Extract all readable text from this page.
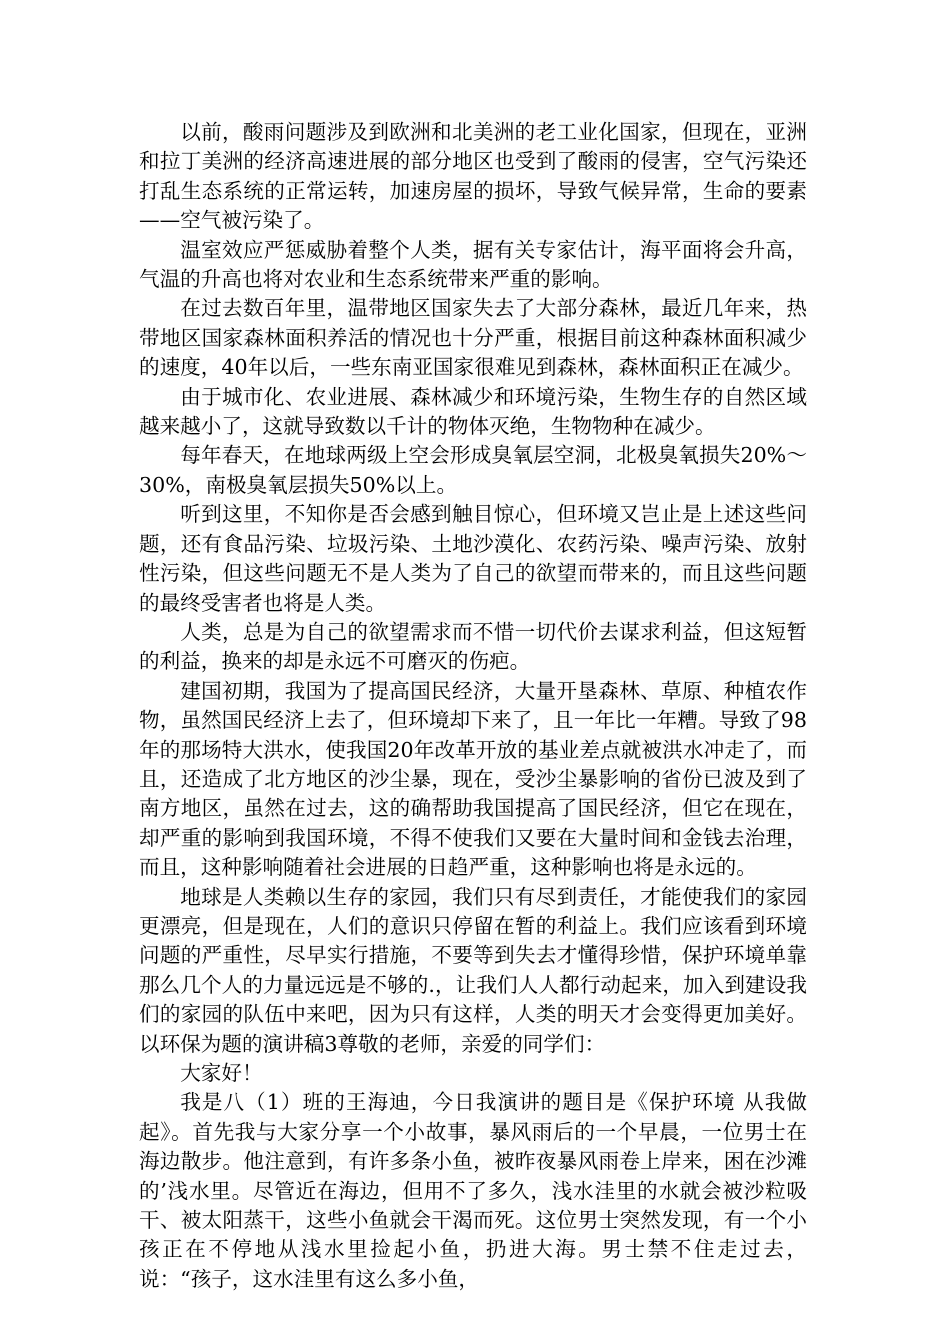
以前，酸雨问题涉及到欧洲和北美洲的老工业化国家，但现在，亚洲和拉丁美洲的经济高速进展的部分地区也受到了酸雨的侵害，空气污染还打乱生态系统的正常运转，加速房屋的损坏，导致气候异常，生命的要素——空气被污染了。

温室效应严惩威胁着整个人类，据有关专家估计，海平面将会升高，气温的升高也将对农业和生态系统带来严重的影响。

在过去数百年里，温带地区国家失去了大部分森林，最近几年来，热带地区国家森林面积养活的情况也十分严重，根据目前这种森林面积减少的速度，40年以后，一些东南亚国家很难见到森林，森林面积正在减少。

由于城市化、农业进展、森林减少和环境污染，生物生存的自然区域越来越小了，这就导致数以千计的物体灭绝，生物物种在减少。

每年春天，在地球两级上空会形成臭氧层空洞，北极臭氧损失20%～30%，南极臭氧层损失50%以上。

听到这里，不知你是否会感到触目惊心，但环境又岂止是上述这些问题，还有食品污染、垃圾污染、土地沙漠化、农药污染、噪声污染、放射性污染，但这些问题无不是人类为了自己的欲望而带来的，而且这些问题的最终受害者也将是人类。

人类，总是为自己的欲望需求而不惜一切代价去谋求利益，但这短暂的利益，换来的却是永远不可磨灭的伤疤。

建国初期，我国为了提高国民经济，大量开垦森林、草原、种植农作物，虽然国民经济上去了，但环境却下来了，且一年比一年糟。导致了98年的那场特大洪水，使我国20年改革开放的基业差点就被洪水冲走了，而且，还造成了北方地区的沙尘暴，现在，受沙尘暴影响的省份已波及到了南方地区，虽然在过去，这的确帮助我国提高了国民经济，但它在现在，却严重的影响到我国环境，不得不使我们又要在大量时间和金钱去治理，而且，这种影响随着社会进展的日趋严重，这种影响也将是永远的。

地球是人类赖以生存的家园，我们只有尽到责任，才能使我们的家园更漂亮，但是现在，人们的意识只停留在暂的利益上。我们应该看到环境问题的严重性，尽早实行措施，不要等到失去才懂得珍惜，保护环境单靠那么几个人的力量远远是不够的.，让我们人人都行动起来，加入到建设我们的家园的队伍中来吧，因为只有这样，人类的明天才会变得更加美好。以环保为题的演讲稿3尊敬的老师，亲爱的同学们：

大家好！

我是八（1）班的王海迪，今日我演讲的题目是《保护环境 从我做起》。首先我与大家分享一个小故事，暴风雨后的一个早晨，一位男士在海边散步。他注意到，有许多条小鱼，被昨夜暴风雨卷上岸来，困在沙滩的’浅水里。尽管近在海边，但用不了多久，浅水洼里的水就会被沙粒吸干、被太阳蒸干，这些小鱼就会干渴而死。这位男士突然发现，有一个小孩正在不停地从浅水里捡起小鱼，扔进大海。男士禁不住走过去，说：“孩子，这水洼里有这么多小鱼，
